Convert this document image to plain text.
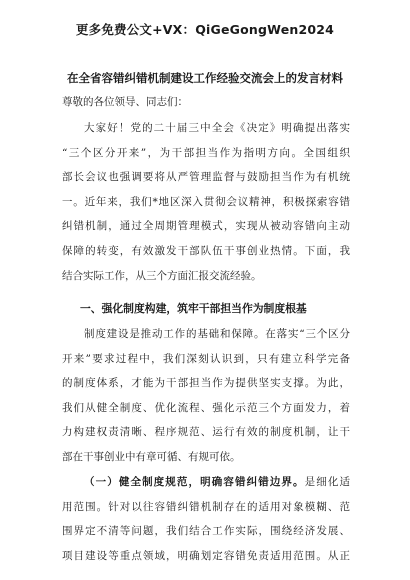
更多免费公文+VX：QiGeGongWen2024
在全省容错纠错机制建设工作经验交流会上的发言材料
尊敬的各位领导、同志们：
大家好！党的二十届三中全会《决定》明确提出落实
“三个区分开来”，为干部担当作为指明方向。全国组织
部长会议也强调要将从严管理监督与鼓励担当作为有机统
一。近年来，我们*地区深入贯彻会议精神，积极探索容错
纠错机制，通过全周期管理模式，实现从被动容错向主动
保障的转变，有效激发干部队伍干事创业热情。下面，我
结合实际工作，从三个方面汇报交流经验。
一、强化制度构建，筑牢干部担当作为制度根基
制度建设是推动工作的基础和保障。在落实“三个区分
开来”要求过程中，我们深刻认识到，只有建立科学完备
的制度体系，才能为干部担当作为提供坚实支撑。为此，
我们从健全制度、优化流程、强化示范三个方面发力，着
力构建权责清晰、程序规范、运行有效的制度机制，让干
部在干事创业中有章可循、有规可依。
（一）健全制度规范，明确容错纠错边界。是细化适
用范围。针对以往容错纠错机制存在的适用对象模糊、范
围界定不清等问题，我们结合工作实际，围绕经济发展、
项目建设等重点领域，明确划定容错免责适用范围。从正
